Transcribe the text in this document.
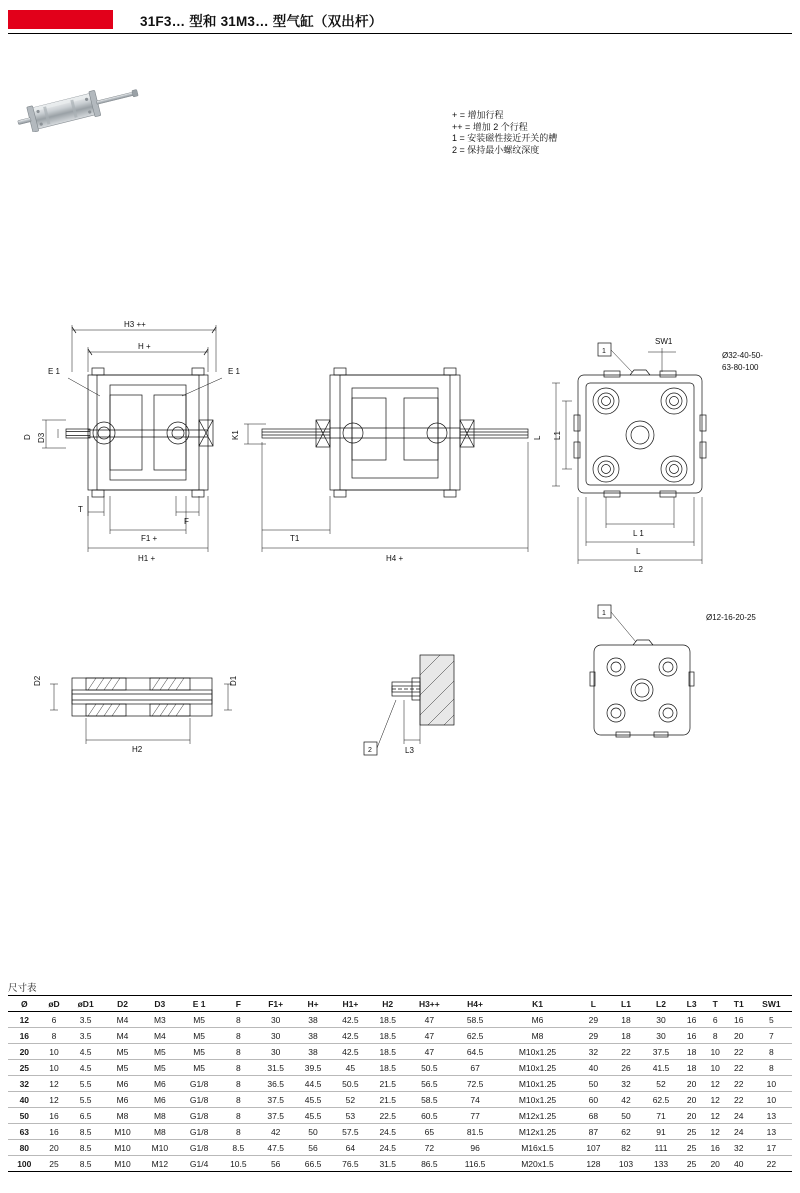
31F3… 型和 31M3… 型气缸（双出杆）
+ = 增加行程
++ = 增加 2 个行程
1 = 安装磁性接近开关的槽
2 = 保持最小螺纹深度
H3 ++
H +
E 1	E 1
D D3
T
F
F1 +
H1 +
K1
T1
H4 +
L L1
L 1
L
L2
SW1
1	Ø32-40-50-
63-80-100
1	Ø12-16-20-25
D2	D1
H2	2	L3
尺寸表
Ø	øD	øD1	D2	D3	E 1	F	F1+	H+	H1+	H2	H3++	H4+	K1	L	L1	L2	L3	T	T1	SW1
12	6	3.5	M4	M3	M5	8	30	38	42.5	18.5	47	58.5	M6	29	18	30	16	6	16	5
16	8	3.5	M4	M4	M5	8	30	38	42.5	18.5	47	62.5	M8	29	18	30	16	8	20	7
20	10	4.5	M5	M5	M5	8	30	38	42.5	18.5	47	64.5	M10x1.25	32	22	37.5	18	10	22	8
25	10	4.5	M5	M5	M5	8	31.5	39.5	45	18.5	50.5	67	M10x1.25	40	26	41.5	18	10	22	8
32	12	5.5	M6	M6	G1/8	8	36.5	44.5	50.5	21.5	56.5	72.5	M10x1.25	50	32	52	20	12	22	10
40	12	5.5	M6	M6	G1/8	8	37.5	45.5	52	21.5	58.5	74	M10x1.25	60	42	62.5	20	12	22	10
50	16	6.5	M8	M8	G1/8	8	37.5	45.5	53	22.5	60.5	77	M12x1.25	68	50	71	20	12	24	13
63	16	8.5	M10	M8	G1/8	8	42	50	57.5	24.5	65	81.5	M12x1.25	87	62	91	25	12	24	13
80	20	8.5	M10	M10	G1/8	8.5	47.5	56	64	24.5	72	96	M16x1.5	107	82	111	25	16	32	17
100	25	8.5	M10	M12	G1/4	10.5	56	66.5	76.5	31.5	86.5	116.5	M20x1.5	128	103	133	25	20	40	22
